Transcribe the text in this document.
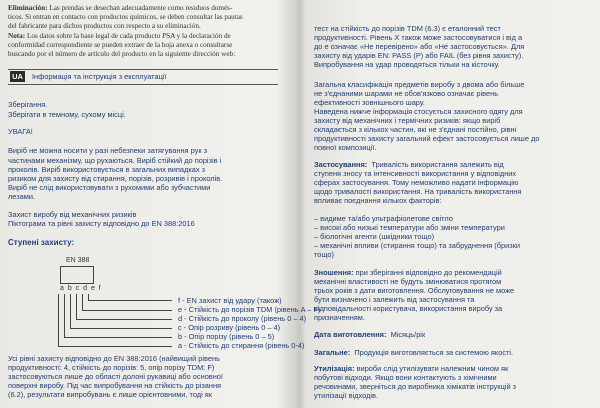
Eliminación: Las prendas se desechan adecuadamente como residuos domés-
ticos. Si entran en contacto con productos químicos, se deben consultar las pautas
del fabricante para dichos productos con respecto a su eliminación.
Nota: Los datos sobre la base legal de cada producto PSA y la declaración de
conformidad correspondiente se pueden extraer de la hoja anexa o consultarse
buscando por el número de artículo del producto en la siguiente dirección web:
UA Інформація та інструкція з експлуатації
Зберігання.
Зберігати в темному, сухому місці.
УВАГА!
Виріб не можна носити у разі небезпеки затягування рук з
частинами механізму, що рухаються. Виріб стійкий до порізів і
проколів. Виріб використовується в загальних випадках з
ризиком для захисту від стирання, порізів, розривів і проколів.
Виріб не слід використовувати з рухомими або зубчастими
лезами.
Захист виробу від механічних ризиків
Піктограма та рівні захисту відповідно до EN 388:2016
Ступені захисту:
EN 388
a b c d e f
f - EN захист від удару (також)
e - Стійкість до порізів TDM (рівень A – F)
d - Стійкість до проколу (рівень 0 – 4)
c - Опір розриву (рівень 0 – 4)
b - Опір порізу (рівень 0 – 5)
a - Стійкість до стирання (рівень 0-4)
Усі рівні захисту відповідно до EN 388:2016 (найвищий рівень
продуктивності: 4, стійкість до порізів: 5, опір порізу TDM: F)
застосовуються лише до області долоні рукавиці або основної
поверхні виробу. Під час випробування на стійкість до різання
(6.2), результати випробувань є лише орієнтовними, тоді як
тест на стійкість до порізів TDM (6.3) є еталонний тест
продуктивності. Рівень X також може застосовуватися і від а
до е означає «Не перевірено» або «Не застосовується». Для
захисту від ударів EN: PASS (P) або FAIL (без рівня захисту).
Випробування на удар проводяться тільки на кісточку.
Загальна класифікація предметів виробу з двома або більше
не з'єднаними шарами не обов'язково означає рівень
ефективності зовнішнього шару.
Наведена нижче інформація стосується захисного одягу для
захисту від механічних і термічних ризиків: якщо виріб
складається з кількох частин, які не з'єднані постійно, рівні
продуктивності захисту загальний ефект застосовується лише до
повної композиції.
Застосування: Тривалість використання залежить від
ступеня зносу та інтенсивності використання у відповідних
сферах застосування. Тому неможливо надати інформацію
щодо тривалості використання. На тривалість використання
впливає поєднання кількох факторів:
– видиме та/або ультрафіолетове світло
– високі або низькі температури або зміни температури
– біологічні агенти (шкідники тощо)
– механічні впливи (стирання тощо) та забруднення (бризки
тощо)
Зношення: при зберіганні відповідно до рекомендацій
механічні властивості не будуть змінюватися протягом
трьох років з дати виготовлення. Обслуговування не може
бути визначено і залежить від застосування та
відповідальності користувача, використання виробу за
призначенням.
Дата виготовлення: Місяць/рік
Загальне: Продукція виготовляється за системою якості.
Утилізація: вироби слід утилізувати належним чином як
побутові відходи. Якщо вони контактують з хімічними
речовинами, зверніться до виробника хімікатів інструкцій з
утилізації відходів.
